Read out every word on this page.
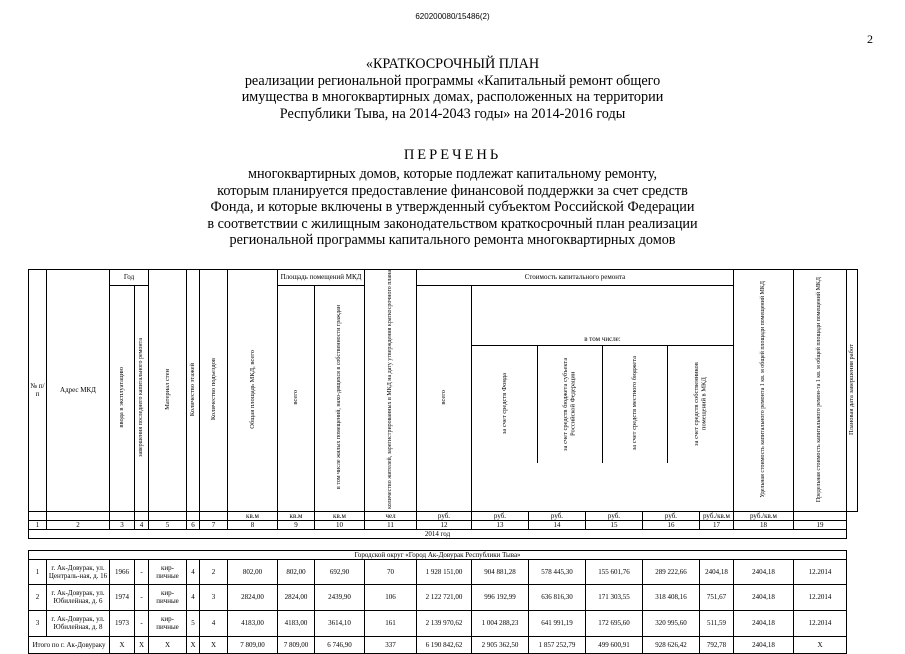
620200080/15486(2)
2
«КРАТКОСРОЧНЫЙ ПЛАН
реализации региональной программы «Капитальный ремонт общего
имущества в многоквартирных домах, расположенных на территории
Республики Тыва, на 2014-2043 годы» на 2014-2016 годы
ПЕРЕЧЕНЬ
многоквартирных домов, которые подлежат капитальному ремонту,
которым планируется предоставление финансовой поддержки за счет средств
Фонда, и которые включены в утвержденный субъектом Российской Федерации
в соответствии с жилищным законодательством краткосрочный план реализации
региональной программы капитального ремонта многоквартирных домов
№ п/п	Адрес МКД	Год	Материал стен	Количество этажей	Количество подъездов	Общая площадь МКД, всего	Площадь помещений МКД	количество жителей, зарегистрированных в МКД на дату утверждения краткосрочного плана	Стоимость капитального ремонта	Удельная стоимость капитального ремонта 1 кв. м общей площади помещений МКД	Предельная стоимость капитального ремон-та 1 кв. м общей площади помещений МКД	Плановая дата завершения работ
ввода в эксплуатацию	завершения последнего капитального ремонта	всего	в том числе жилых помещений, нахо-дящихся в собственности граждан	всего	
в том числе:
за счет средств Фонда	за счет средств бюджета субъекта Российской Федерации	за счет средств местного бюджета	за счет средств собственников помещений в МКД

							кв.м	кв.м	кв.м	чел	руб.	руб.	руб.	руб.	руб.	руб./кв.м	руб./кв.м	
1	2	3	4	5	6	7	8	9	10	11	12	13	14	15	16	17	18	19
2014 год

Городской округ «Город Ак-Довурак Республики Тыва»
1	г. Ак-Довурак, ул. Централь-ная, д. 16	1966	-	кир-пичные	4	2	802,00	802,00	692,90	70	1 928 151,00	904 881,28	578 445,30	155 601,76	289 222,66	2404,18	2404,18	12.2014
2	г. Ак-Довурак, ул. Юбилейная, д. 6	1974	-	кир-пичные	4	3	2824,00	2824,00	2439,90	106	2 122 721,00	996 192,99	636 816,30	171 303,55	318 408,16	751,67	2404,18	12.2014
3	г. Ак-Довурак, ул. Юбилейная, д. 8	1973	-	кир-пичные	5	4	4183,00	4183,00	3614,10	161	2 139 970,62	1 004 288,23	641 991,19	172 695,60	320 995,60	511,59	2404,18	12.2014
Итого по г. Ак-Довураку	X	X	X	X	X	7 809,00	7 809,00	6 746,90	337	6 190 842,62	2 905 362,50	1 857 252,79	499 600,91	928 626,42	792,78	2404,18	X
